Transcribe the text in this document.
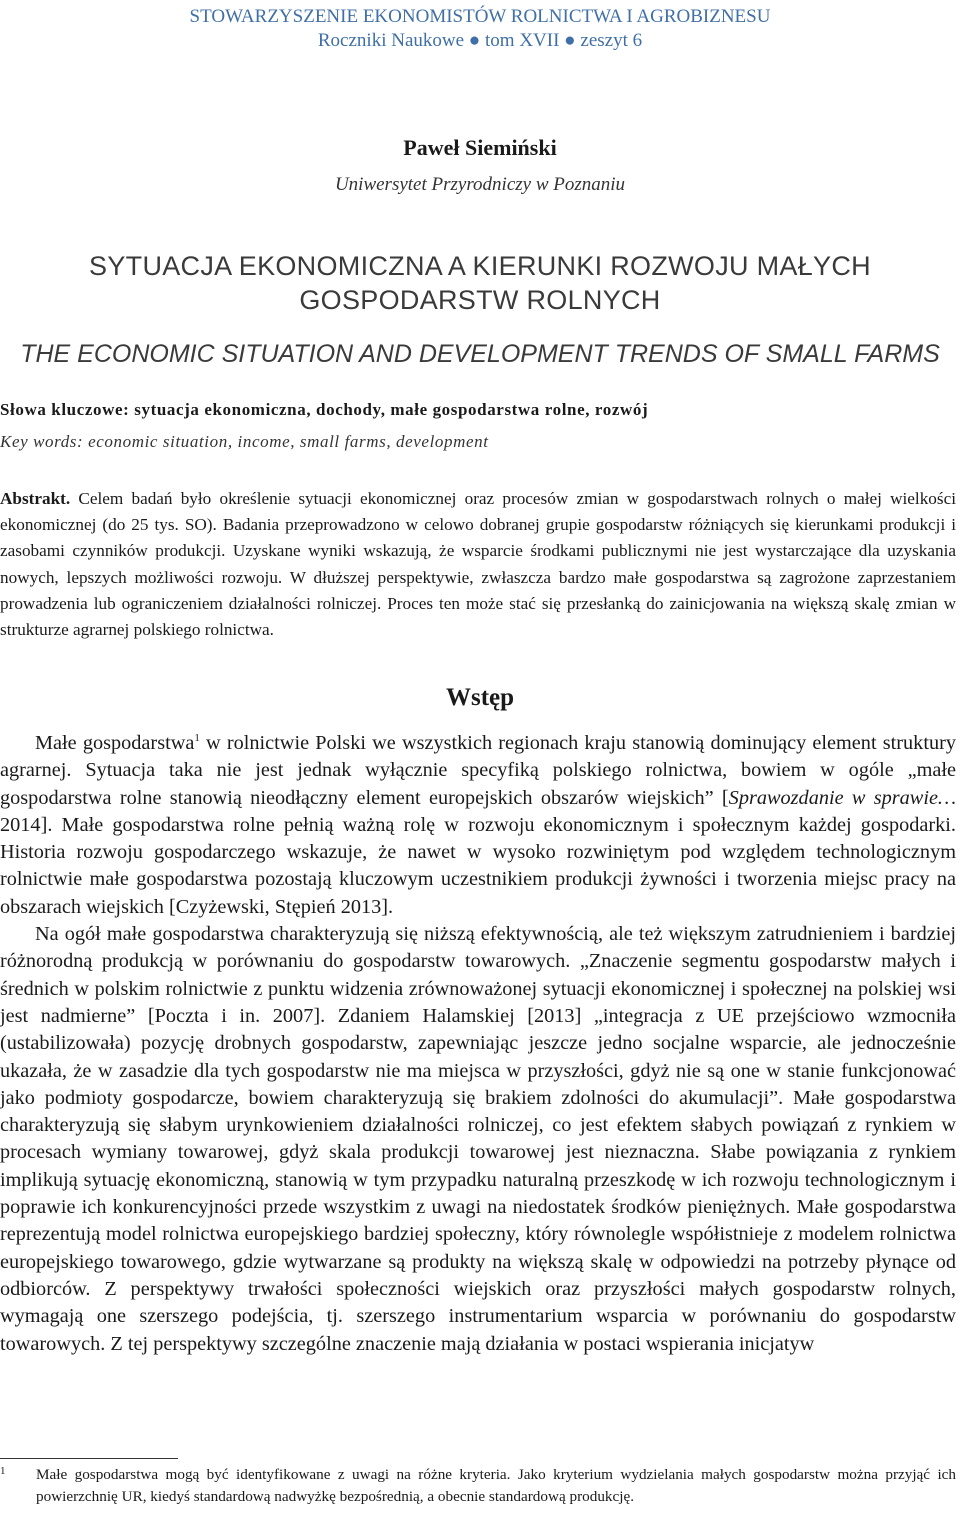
STOWARZYSZENIE EKONOMISTÓW ROLNICTWA I AGROBIZNESU
Roczniki Naukowe ● tom XVII ● zeszyt 6
Paweł Siemiński
Uniwersytet Przyrodniczy w Poznaniu
SYTUACJA EKONOMICZNA A KIERUNKI ROZWOJU MAŁYCH
GOSPODARSTW ROLNYCH
THE ECONOMIC SITUATION AND DEVELOPMENT TRENDS OF SMALL FARMS
Słowa kluczowe: sytuacja ekonomiczna, dochody, małe gospodarstwa rolne, rozwój
Key words: economic situation, income, small farms, development
Abstrakt. Celem badań było określenie sytuacji ekonomicznej oraz procesów zmian w gospodarstwach rolnych o małej wielkości ekonomicznej (do 25 tys. SO). Badania przeprowadzono w celowo dobranej grupie gospodarstw różniących się kierunkami produkcji i zasobami czynników produkcji. Uzyskane wyniki wskazują, że wsparcie środkami publicznymi nie jest wystarczające dla uzyskania nowych, lepszych możliwości rozwoju. W dłuższej perspektywie, zwłaszcza bardzo małe gospodarstwa są zagrożone zaprzestaniem prowadzenia lub ograniczeniem działalności rolniczej. Proces ten może stać się przesłanką do zainicjowania na większą skalę zmian w strukturze agrarnej polskiego rolnictwa.
Wstęp

Małe gospodarstwa$^1$ w rolnictwie Polski we wszystkich regionach kraju stanowią dominujący element struktury agrarnej. Sytuacja taka nie jest jednak wyłącznie specyfiką polskiego rolnictwa, bowiem w ogóle „małe gospodarstwa rolne stanowią nieodłączny element europejskich obszarów wiejskich” [Sprawozdanie w sprawie… 2014]. Małe gospodarstwa rolne pełnią ważną rolę w rozwoju ekonomicznym i społecznym każdej gospodarki. Historia rozwoju gospodarczego wskazuje, że nawet w wysoko rozwiniętym pod względem technologicznym rolnictwie małe gospodarstwa pozostają kluczowym uczestnikiem produkcji żywności i tworzenia miejsc pracy na obszarach wiejskich [Czyżewski, Stępień 2013].

Na ogół małe gospodarstwa charakteryzują się niższą efektywnością, ale też większym zatrudnieniem i bardziej różnorodną produkcją w porównaniu do gospodarstw towarowych. „Znaczenie segmentu gospodarstw małych i średnich w polskim rolnictwie z punktu widzenia zrównoważonej sytuacji ekonomicznej i społecznej na polskiej wsi jest nadmierne” [Poczta i in. 2007]. Zdaniem Halamskiej [2013] „integracja z UE przejściowo wzmocniła (ustabilizowała) pozycję drobnych gospodarstw, zapewniając jeszcze jedno socjalne wsparcie, ale jednocześnie ukazała, że w zasadzie dla tych gospodarstw nie ma miejsca w przyszłości, gdyż nie są one w stanie funkcjonować jako podmioty gospodarcze, bowiem charakteryzują się brakiem zdolności do akumulacji”. Małe gospodarstwa charakteryzują się słabym urynkowieniem działalności rolniczej, co jest efektem słabych powiązań z rynkiem w procesach wymiany towarowej, gdyż skala produkcji towarowej jest nieznaczna. Słabe powiązania z rynkiem implikują sytuację ekonomiczną, stanowią w tym przypadku naturalną przeszkodę w ich rozwoju technologicznym i poprawie ich konkurencyjności przede wszystkim z uwagi na niedostatek środków pieniężnych. Małe gospodarstwa reprezentują model rolnictwa europejskiego bardziej społeczny, który równolegle współistnieje z modelem rolnictwa europejskiego towarowego, gdzie wytwarzane są produkty na większą skalę w odpowiedzi na potrzeby płynące od odbiorców. Z perspektywy trwałości społeczności wiejskich oraz przyszłości małych gospodarstw rolnych, wymagają one szerszego podejścia, tj. szerszego instrumentarium wsparcia w porównaniu do gospodarstw towarowych. Z tej perspektywy szczególne znaczenie mają działania w postaci wspierania inicjatyw

1 Małe gospodarstwa mogą być identyfikowane z uwagi na różne kryteria. Jako kryterium wydzielania małych gospodarstw można przyjąć ich powierzchnię UR, kiedyś standardową nadwyżkę bezpośrednią, a obecnie standardową produkcję.
